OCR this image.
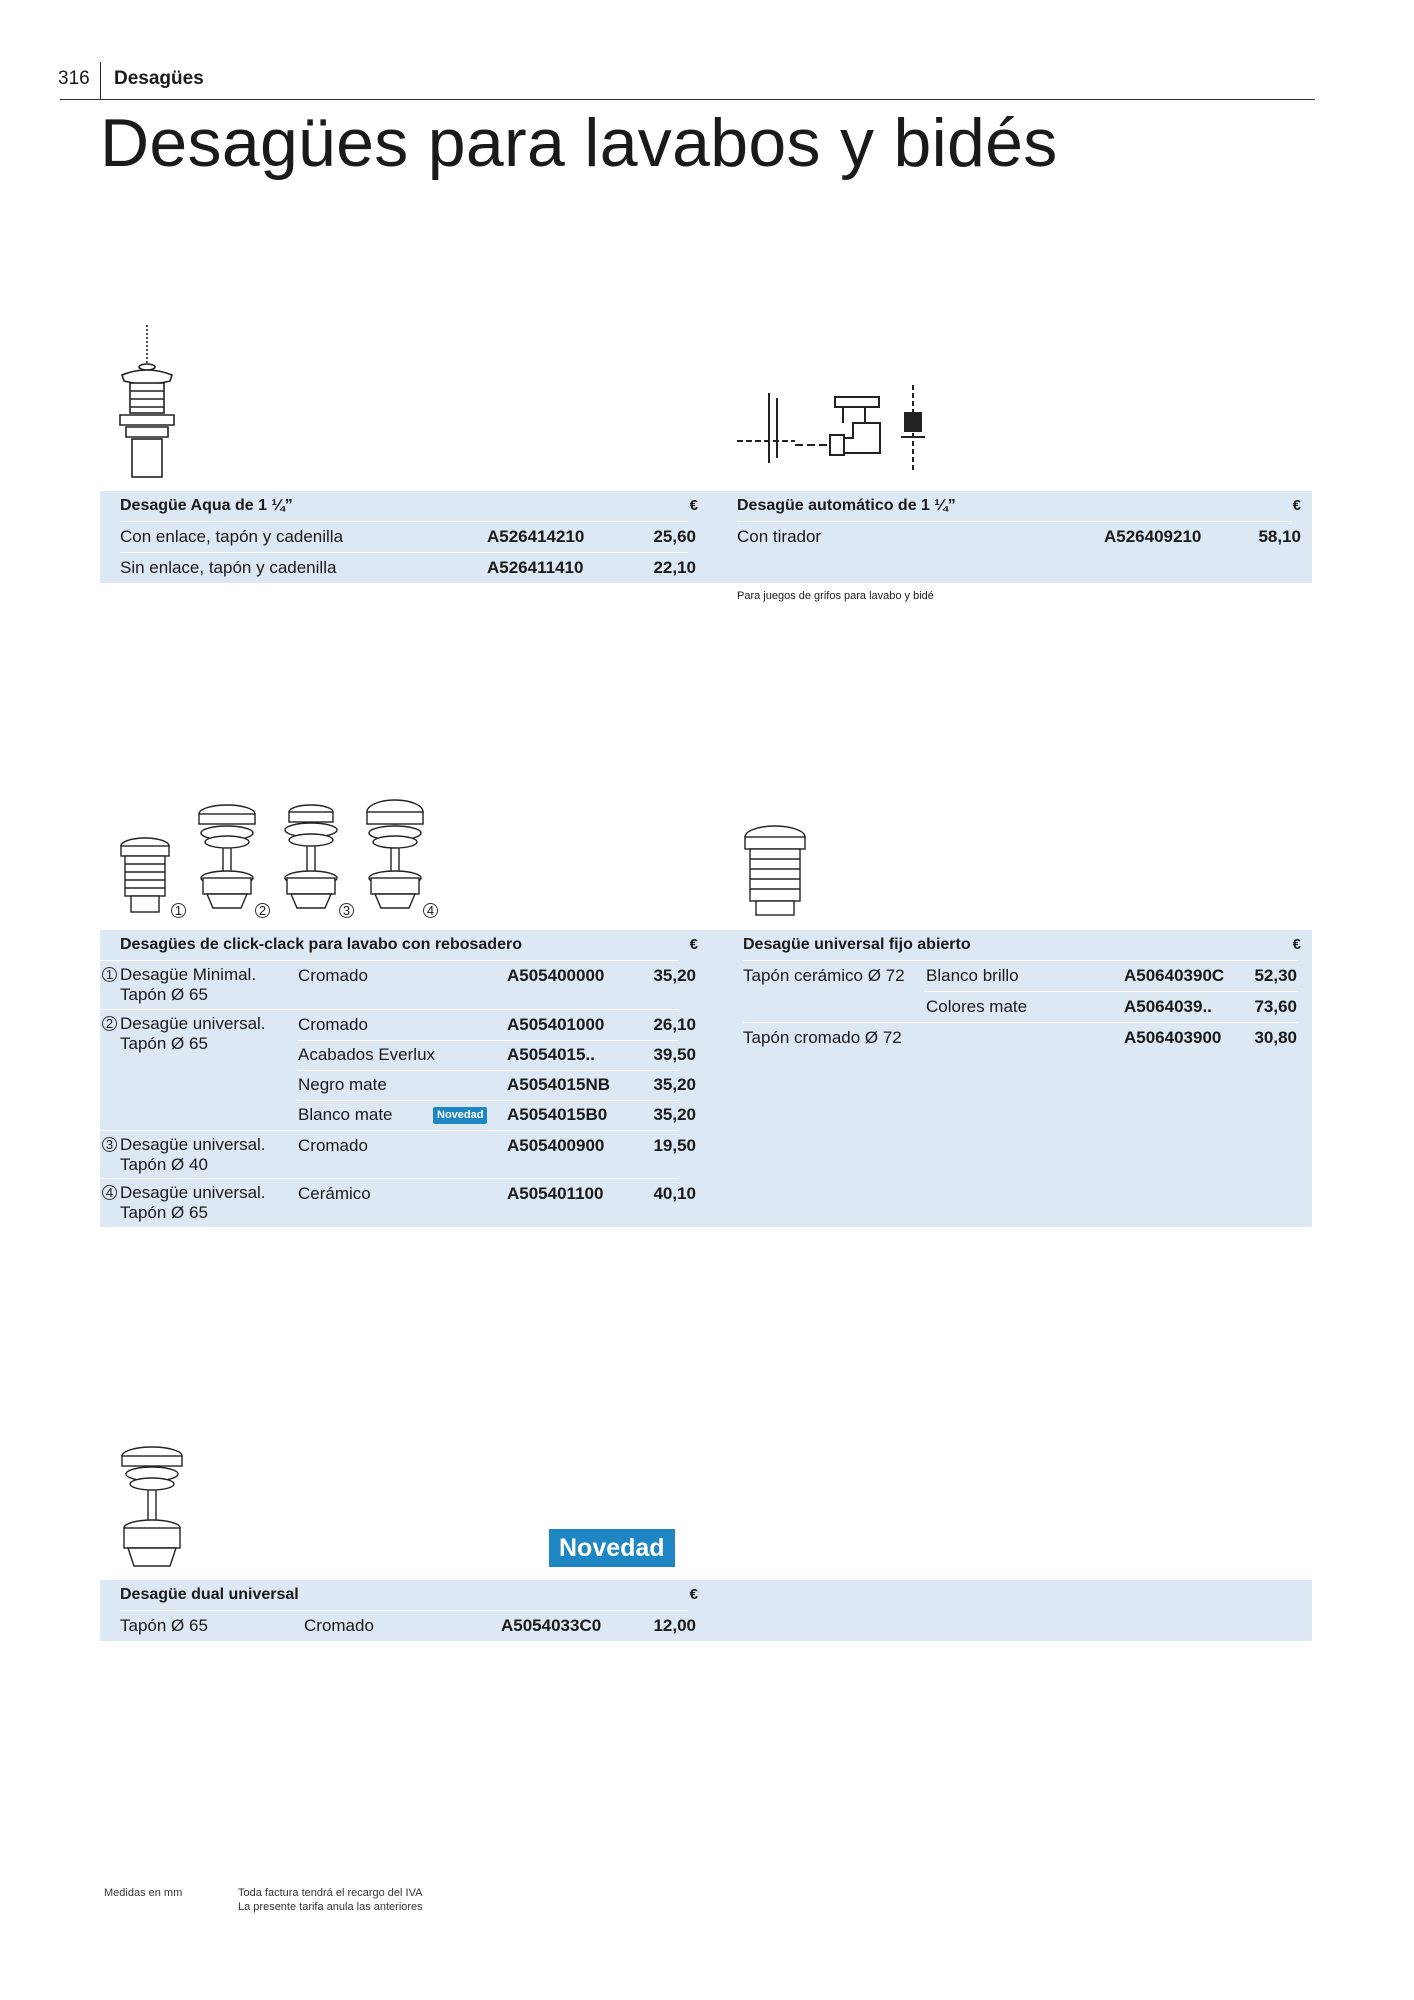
316 Desagües
Desagües para lavabos y bidés
Desagüe Aqua de 1 ¼”	€
Con enlace, tapón y cadenilla	A526414210	25,60
Sin enlace, tapón y cadenilla	A526411410	22,10
Desagüe automático de 1 ¼”	€
Con tirador	A526409210	58,10
Para juegos de grifos para lavabo y bidé
1	2	3	4
Desagües de click-clack para lavabo con rebosadero	€
1 Desagüe Minimal.
Tapón Ø 65
Cromado	A505400000	35,20
2 Desagüe universal.
Tapón Ø 65
Cromado	A505401000	26,10
Acabados Everlux	A5054015..	39,50
Negro mate	A5054015NB	35,20
Blanco mate	A5054015B0	35,20
Novedad
3 Desagüe universal.
Tapón Ø 40
Cromado	A505400900	19,50
4 Desagüe universal.
Tapón Ø 65
Cerámico	A505401100	40,10
Desagüe universal fijo abierto	€
Tapón cerámico Ø 72 Blanco brillo	A50640390C	52,30
Colores mate	A5064039..	73,60
Tapón cromado Ø 72	A506403900	30,80
Novedad
Desagüe dual universal	€
Tapón Ø 65	Cromado	A5054033C0	12,00
Medidas en mm	Toda factura tendrá el recargo del IVA
La presente tarifa anula las anteriores
